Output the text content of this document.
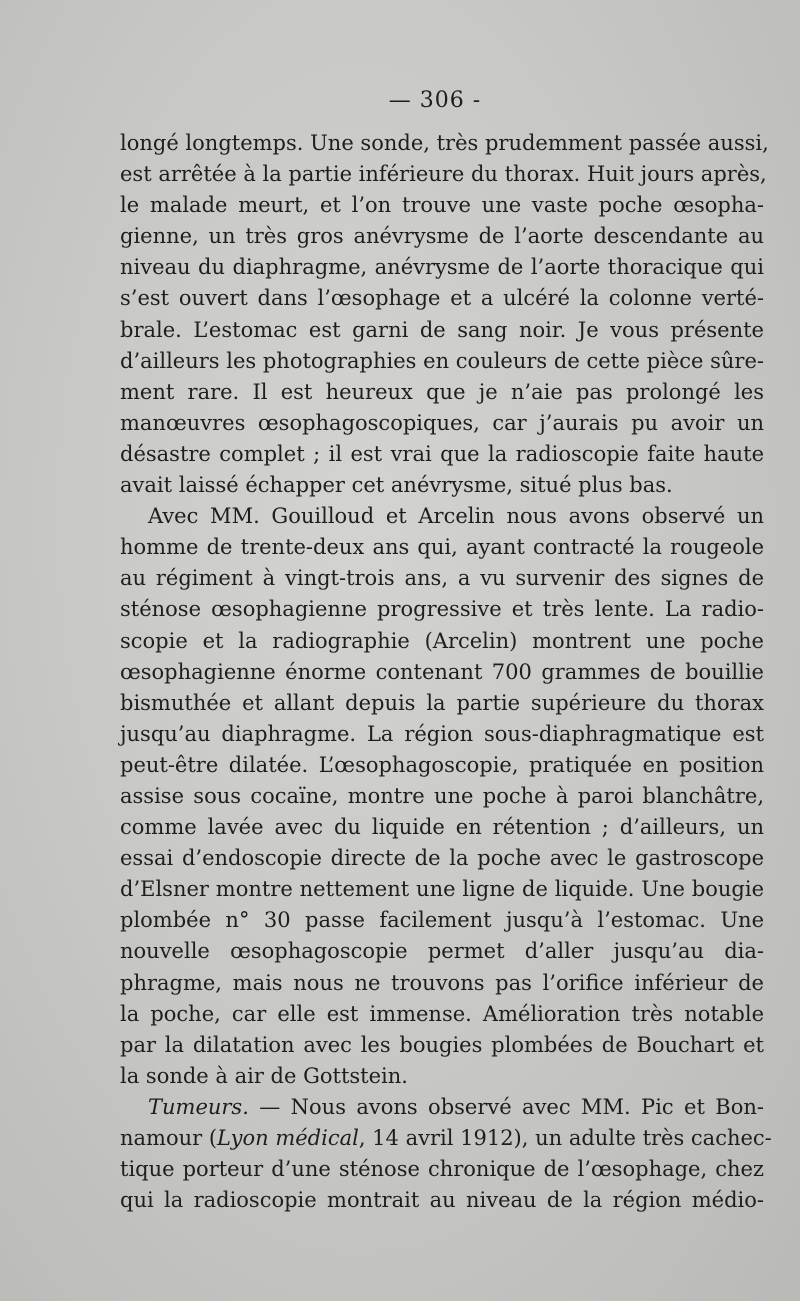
— 306 -
longé longtemps. Une sonde, très prudemment passée aussi,
est arrêtée à la partie inférieure du thorax. Huit jours après,
le malade meurt, et l’on trouve une vaste poche œsopha-
gienne, un très gros anévrysme de l’aorte descendante au
niveau du diaphragme, anévrysme de l’aorte thoracique qui
s’est ouvert dans l’œsophage et a ulcéré la colonne verté-
brale. L’estomac est garni de sang noir. Je vous présente
d’ailleurs les photographies en couleurs de cette pièce sûre-
ment rare. Il est heureux que je n’aie pas prolongé les
manœuvres œsophagoscopiques, car j’aurais pu avoir un
désastre complet ; il est vrai que la radioscopie faite haute
avait laissé échapper cet anévrysme, situé plus bas.
Avec MM. Gouilloud et Arcelin nous avons observé un
homme de trente-deux ans qui, ayant contracté la rougeole
au régiment à vingt-trois ans, a vu survenir des signes de
sténose œsophagienne progressive et très lente. La radio-
scopie et la radiographie (Arcelin) montrent une poche
œsophagienne énorme contenant 700 grammes de bouillie
bismuthée et allant depuis la partie supérieure du thorax
jusqu’au diaphragme. La région sous-diaphragmatique est
peut-être dilatée. L’œsophagoscopie, pratiquée en position
assise sous cocaïne, montre une poche à paroi blanchâtre,
comme lavée avec du liquide en rétention ; d’ailleurs, un
essai d’endoscopie directe de la poche avec le gastroscope
d’Elsner montre nettement une ligne de liquide. Une bougie
plombée n° 30 passe facilement jusqu’à l’estomac. Une
nouvelle œsophagoscopie permet d’aller jusqu’au dia-
phragme, mais nous ne trouvons pas l’orifice inférieur de
la poche, car elle est immense. Amélioration très notable
par la dilatation avec les bougies plombées de Bouchart et
la sonde à air de Gottstein.
Tumeurs. — Nous avons observé avec MM. Pic et Bon-
namour (Lyon médical, 14 avril 1912), un adulte très cachec-
tique porteur d’une sténose chronique de l’œsophage, chez
qui la radioscopie montrait au niveau de la région médio-
